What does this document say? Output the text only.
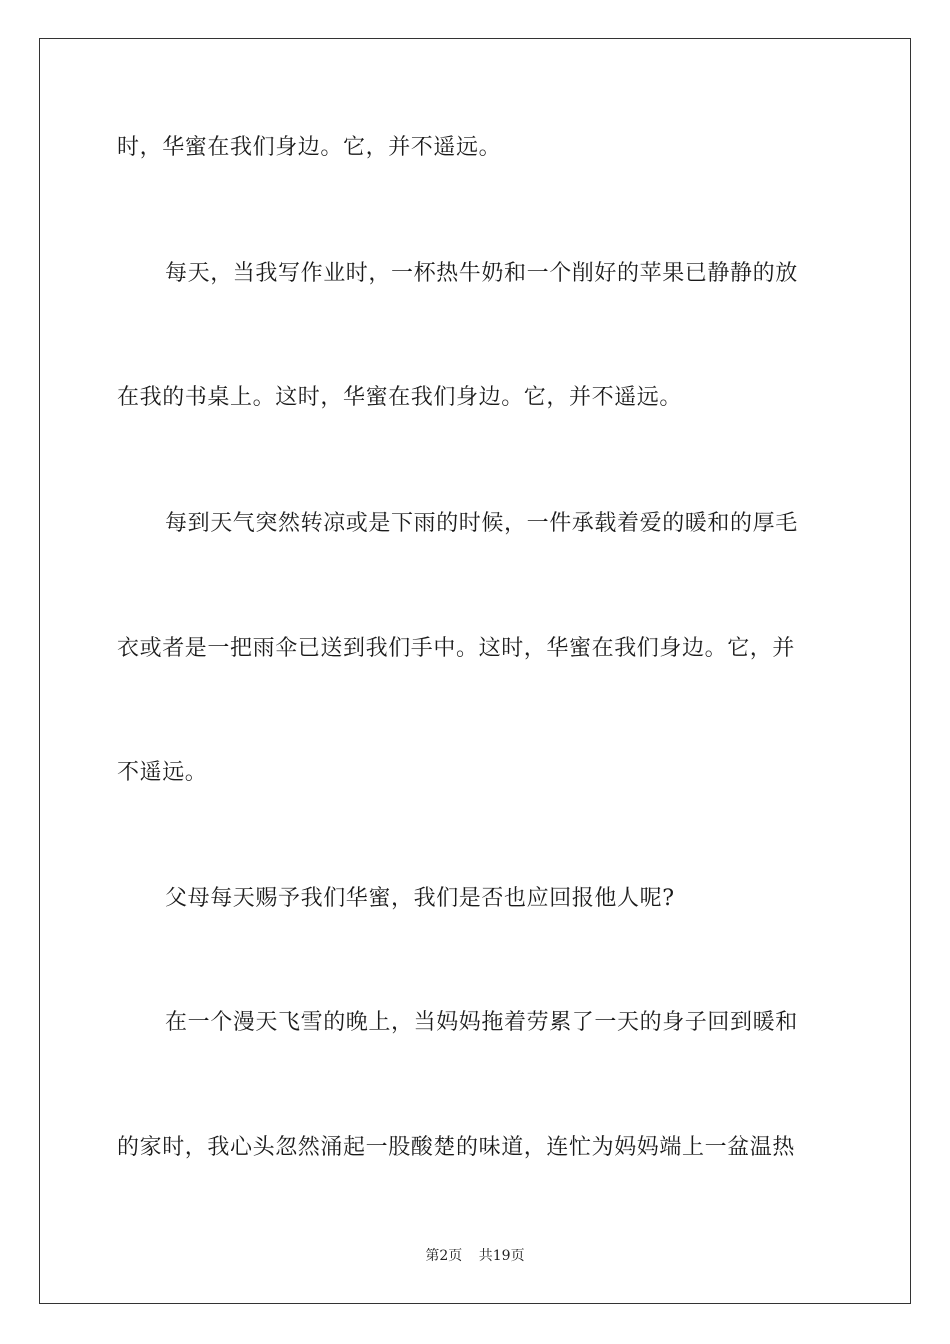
时，华蜜在我们身边。它，并不遥远。
每天，当我写作业时，一杯热牛奶和一个削好的苹果已静静的放
在我的书桌上。这时，华蜜在我们身边。它，并不遥远。
每到天气突然转凉或是下雨的时候，一件承载着爱的暖和的厚毛
衣或者是一把雨伞已送到我们手中。这时，华蜜在我们身边。它，并
不遥远。
父母每天赐予我们华蜜，我们是否也应回报他人呢?
在一个漫天飞雪的晚上，当妈妈拖着劳累了一天的身子回到暖和
的家时，我心头忽然涌起一股酸楚的味道，连忙为妈妈端上一盆温热
第2页 共19页
